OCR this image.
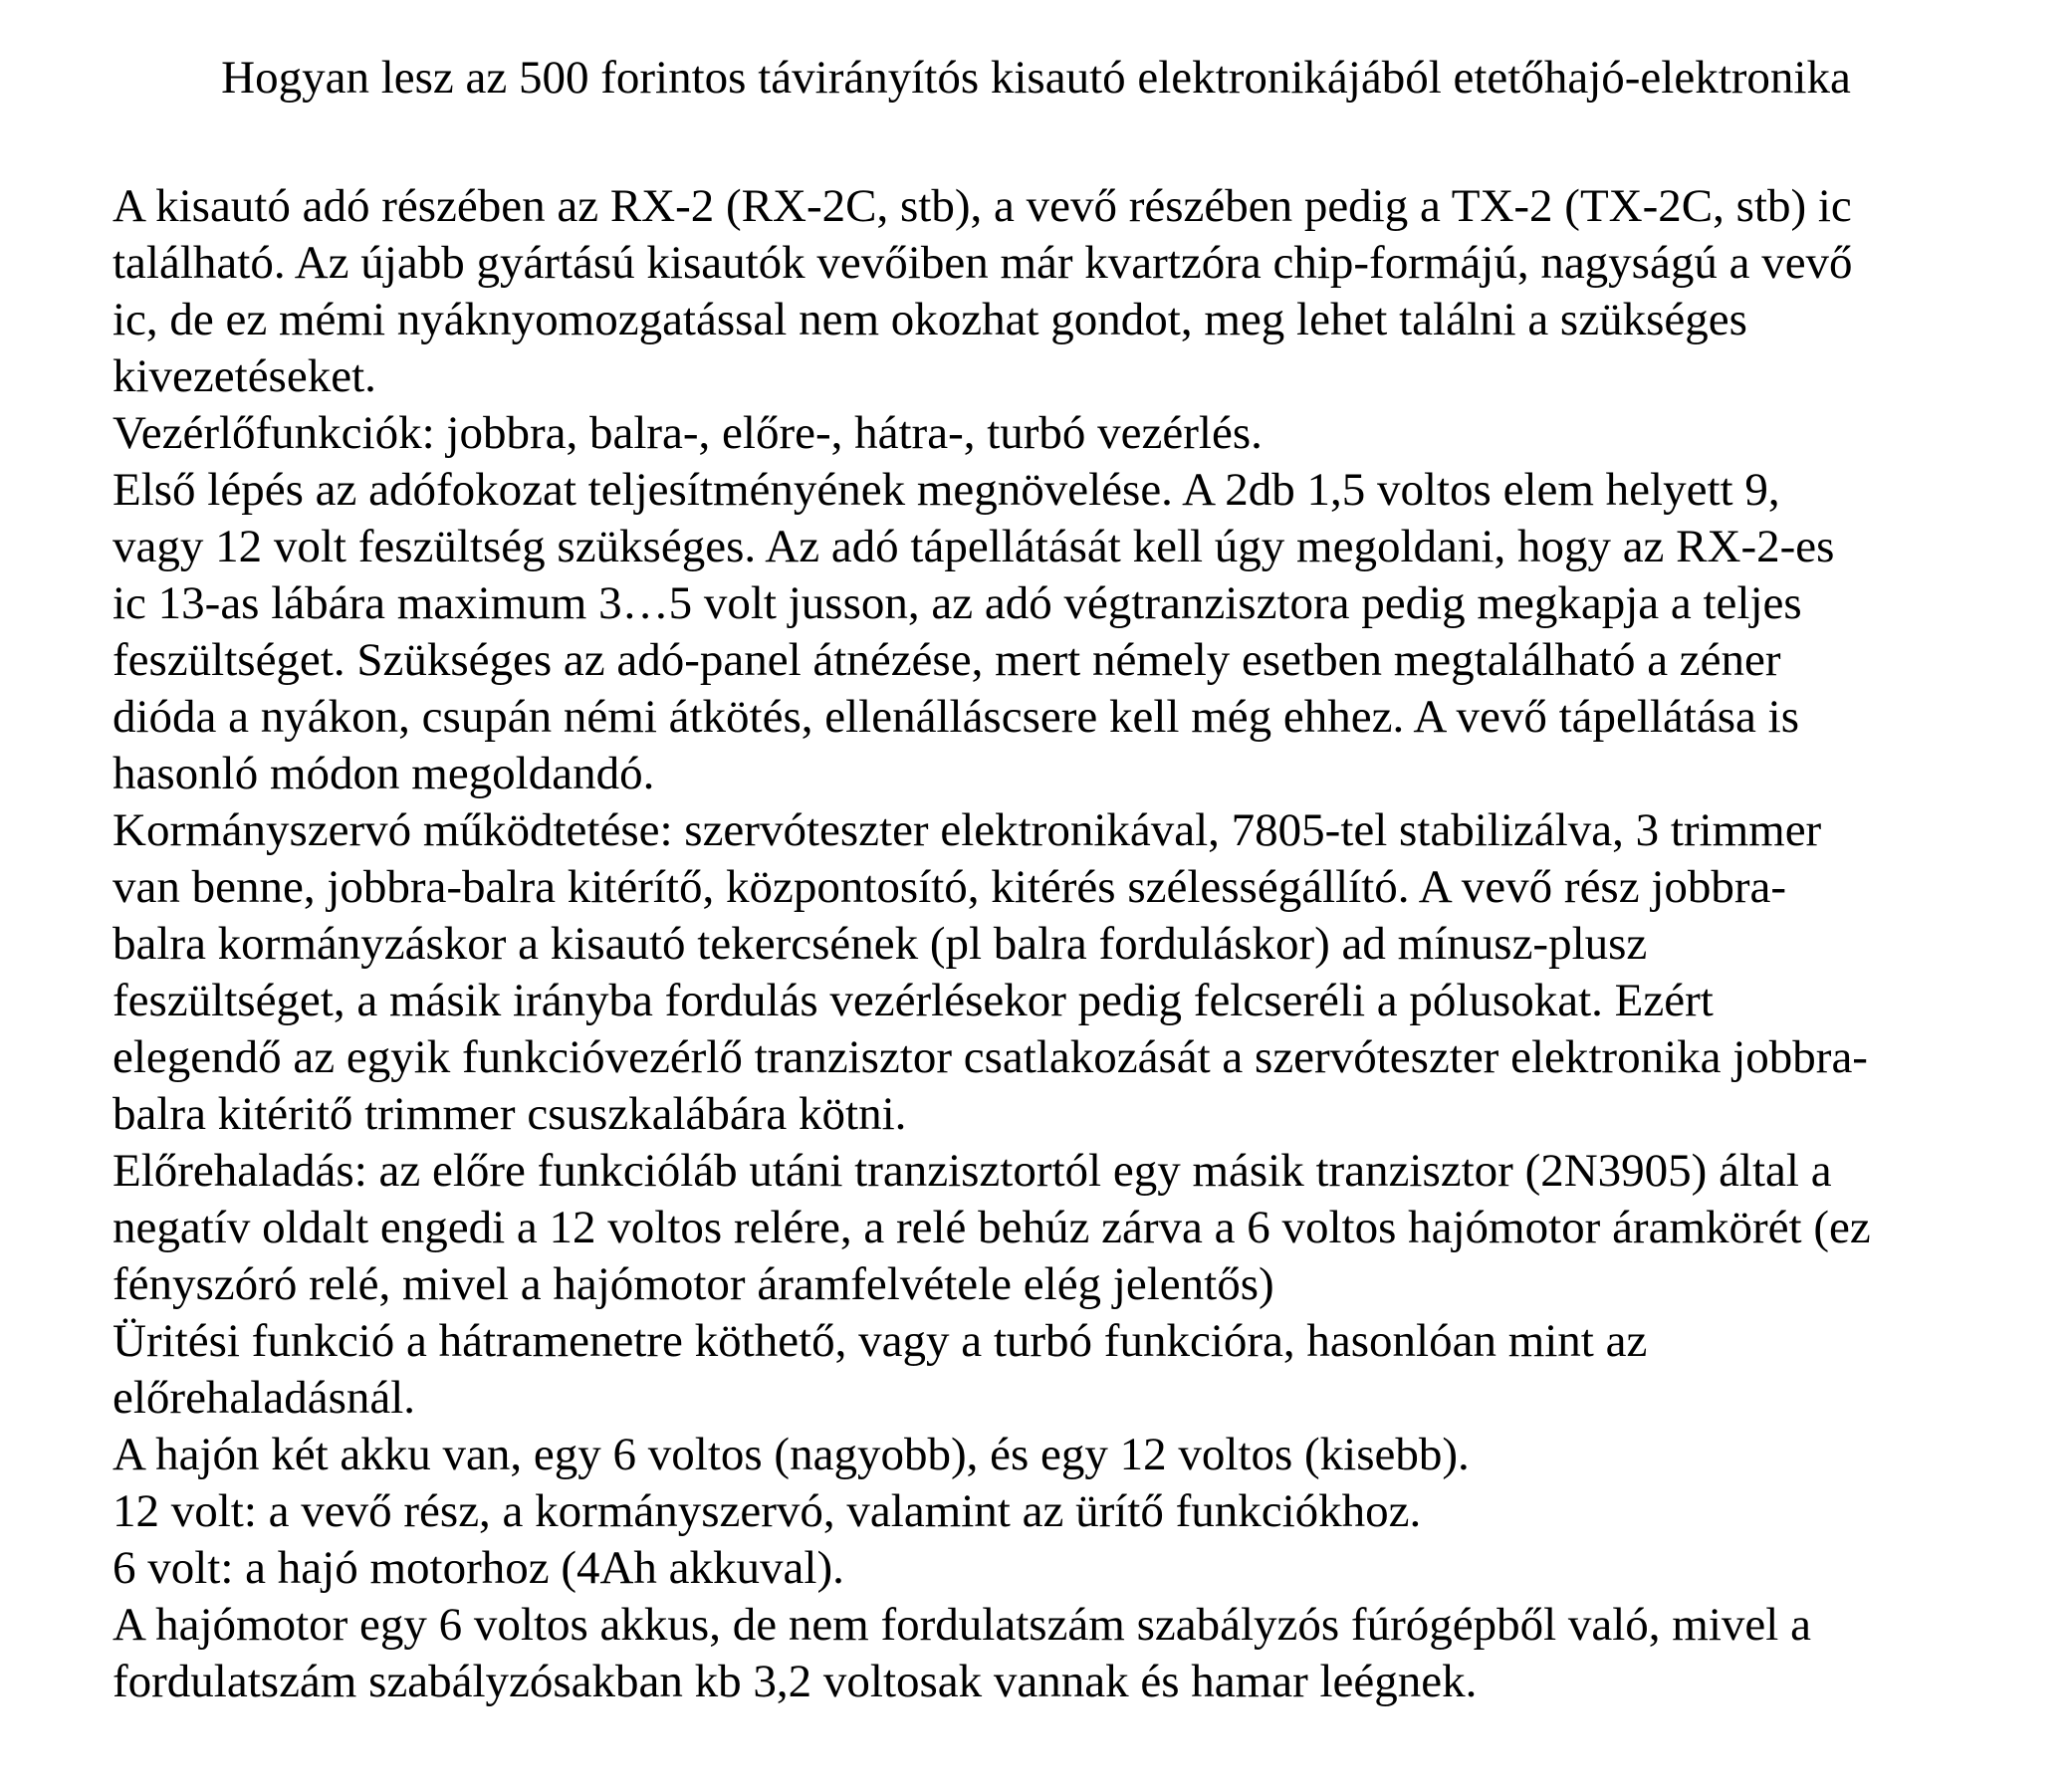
Hogyan lesz az 500 forintos távirányítós kisautó elektronikájából etetőhajó-elektronika
A kisautó adó részében az RX-2 (RX-2C, stb), a vevő részében pedig a TX-2 (TX-2C, stb) ic
található. Az újabb gyártású kisautók vevőiben már kvartzóra chip-formájú, nagyságú a vevő
ic, de ez mémi nyáknyomozgatással nem okozhat gondot, meg lehet találni a szükséges
kivezetéseket.
Vezérlőfunkciók: jobbra, balra-, előre-, hátra-, turbó vezérlés.
Első lépés az adófokozat teljesítményének megnövelése. A 2db 1,5 voltos elem helyett 9,
vagy 12 volt feszültség szükséges. Az adó tápellátását kell úgy megoldani, hogy az RX-2-es
ic 13-as lábára maximum 3…5 volt jusson, az adó végtranzisztora pedig megkapja a teljes
feszültséget. Szükséges az adó-panel átnézése, mert némely esetben megtalálható a zéner
dióda a nyákon, csupán némi átkötés, ellenálláscsere kell még ehhez. A vevő tápellátása is
hasonló módon megoldandó.
Kormányszervó működtetése: szervóteszter elektronikával, 7805-tel stabilizálva, 3 trimmer
van benne, jobbra-balra kitérítő, központosító, kitérés szélességállító. A vevő rész jobbra-
balra kormányzáskor a kisautó tekercsének (pl balra forduláskor) ad mínusz-plusz
feszültséget, a másik irányba fordulás vezérlésekor pedig felcseréli a pólusokat. Ezért
elegendő az egyik funkcióvezérlő tranzisztor csatlakozását a szervóteszter elektronika jobbra-
balra kitéritő trimmer csuszkalábára kötni.
Előrehaladás: az előre funkcióláb utáni tranzisztortól egy másik tranzisztor (2N3905) által a
negatív oldalt engedi a 12 voltos relére, a relé behúz zárva a 6 voltos hajómotor áramkörét (ez
fényszóró relé, mivel a hajómotor áramfelvétele elég jelentős)
Üritési funkció a hátramenetre köthető, vagy a turbó funkcióra, hasonlóan mint az
előrehaladásnál.
A hajón két akku van, egy 6 voltos (nagyobb), és egy 12 voltos (kisebb).
12 volt: a vevő rész, a kormányszervó, valamint az ürítő funkciókhoz.
6 volt: a hajó motorhoz (4Ah akkuval).
A hajómotor egy 6 voltos akkus, de nem fordulatszám szabályzós fúrógépből való, mivel a
fordulatszám szabályzósakban kb 3,2 voltosak vannak és hamar leégnek.
